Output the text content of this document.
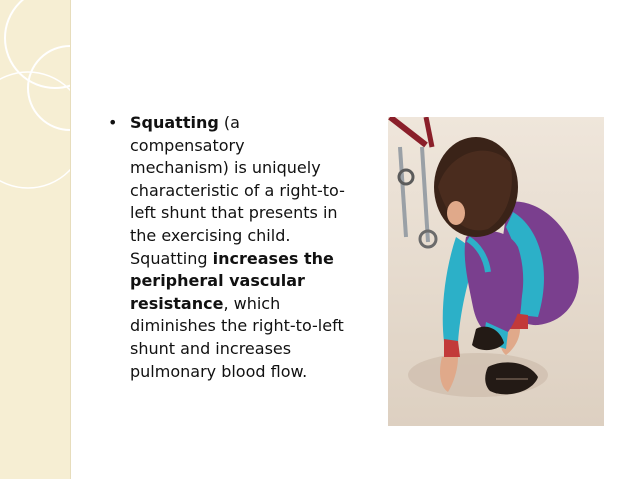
• Squatting (a compensatory mechanism) is uniquely characteristic of a right-to-left shunt that presents in the exercising child. Squatting increases the peripheral vascular resistance, which diminishes the right-to-left shunt and increases pulmonary blood flow.
